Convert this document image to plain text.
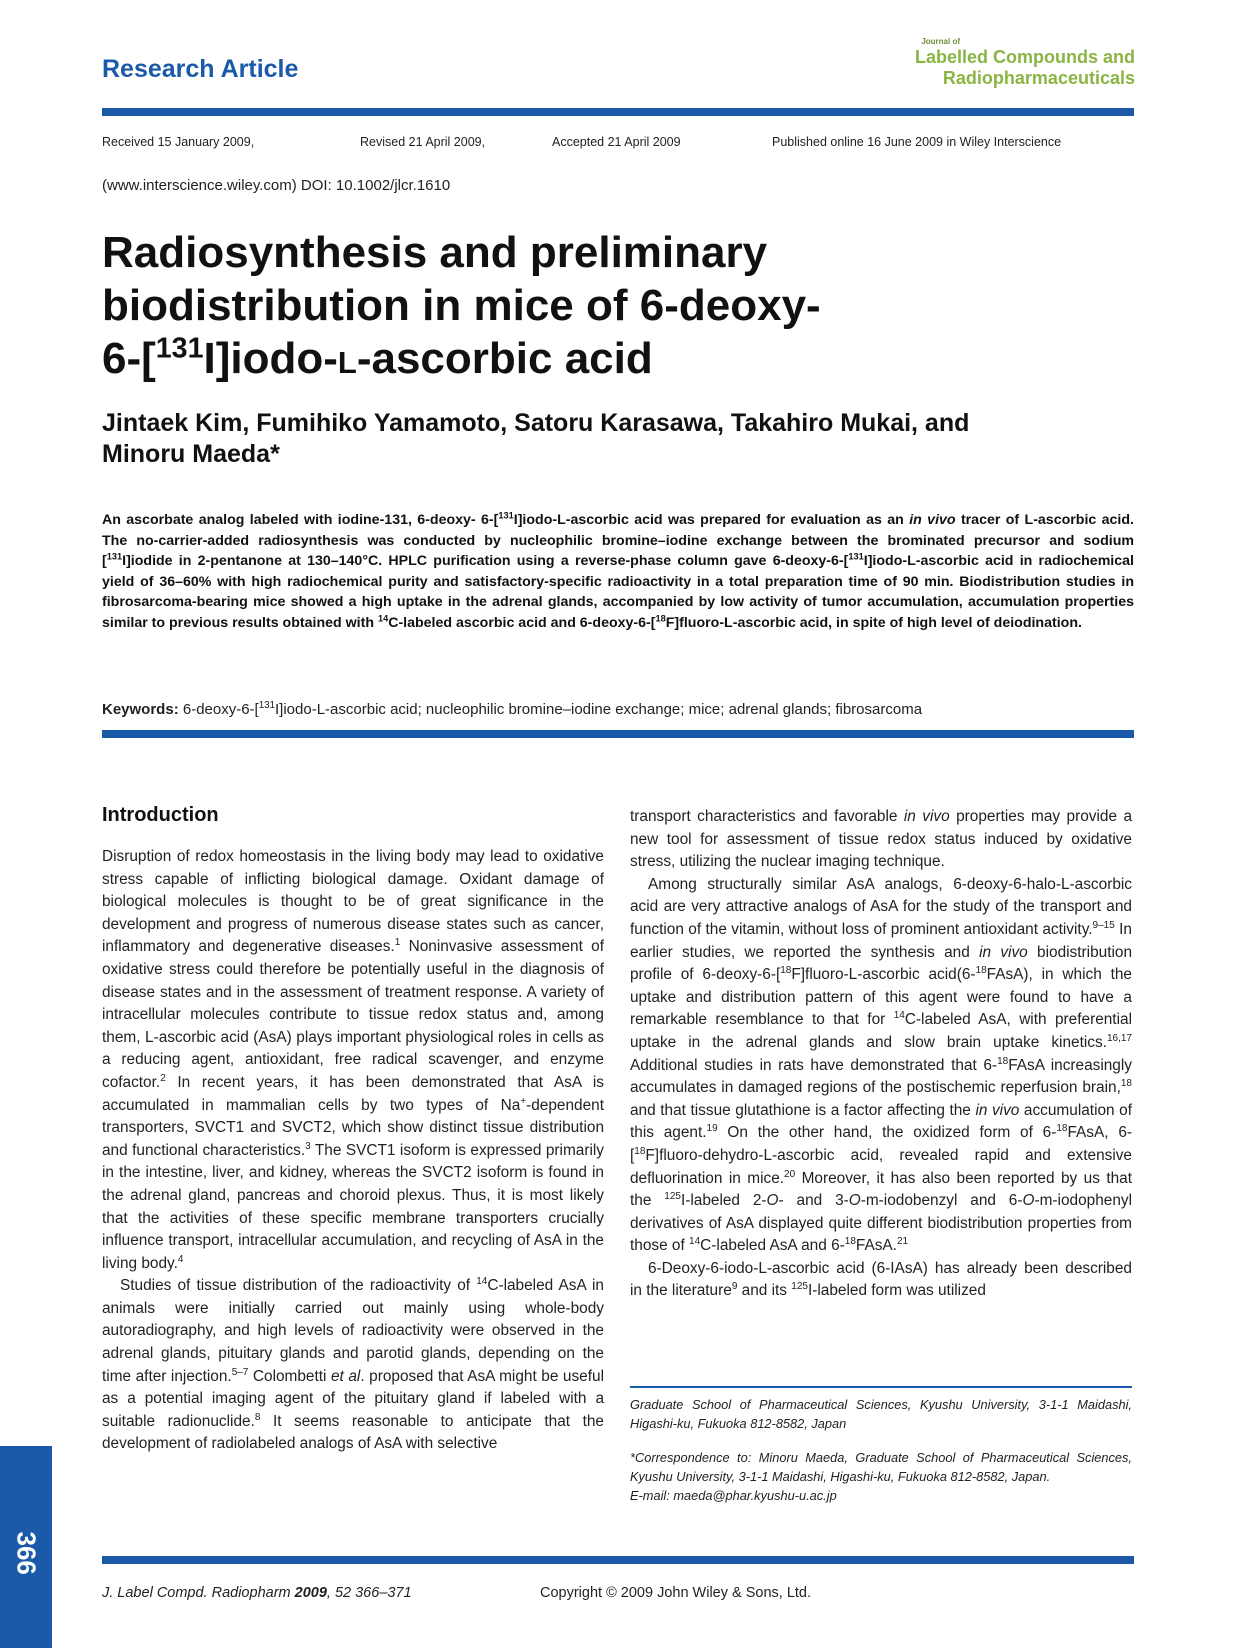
Research Article
Journal of
Labelled Compounds and
Radiopharmaceuticals
Received 15 January 2009,	Revised 21 April 2009,	Accepted 21 April 2009	Published online 16 June 2009 in Wiley Interscience
(www.interscience.wiley.com) DOI: 10.1002/jlcr.1610
Radiosynthesis and preliminary
biodistribution in mice of 6-deoxy-
6-[$^{131}$I]iodo-l-ascorbic acid
Jintaek Kim, Fumihiko Yamamoto, Satoru Karasawa, Takahiro Mukai, and
Minoru Maeda*
An ascorbate analog labeled with iodine-131, 6-deoxy- 6-[$^{131}$I]iodo-L-ascorbic acid was prepared for evaluation as an in vivo tracer of L-ascorbic acid. The no-carrier-added radiosynthesis was conducted by nucleophilic bromine–iodine exchange between the brominated precursor and sodium [$^{131}$I]iodide in 2-pentanone at 130–140°C. HPLC purification using a reverse-phase column gave 6-deoxy-6-[$^{131}$I]iodo-L-ascorbic acid in radiochemical yield of 36–60% with high radiochemical purity and satisfactory-specific radioactivity in a total preparation time of 90 min. Biodistribution studies in fibrosarcoma-bearing mice showed a high uptake in the adrenal glands, accompanied by low activity of tumor accumulation, accumulation properties similar to previous results obtained with $^{14}$C-labeled ascorbic acid and 6-deoxy-6-[$^{18}$F]fluoro-L-ascorbic acid, in spite of high level of deiodination.
Keywords: 6-deoxy-6-[$^{131}$I]iodo-L-ascorbic acid; nucleophilic bromine–iodine exchange; mice; adrenal glands; fibrosarcoma
Introduction

Disruption of redox homeostasis in the living body may lead to oxidative stress capable of inflicting biological damage. Oxidant damage of biological molecules is thought to be of great significance in the development and progress of numerous disease states such as cancer, inflammatory and degenerative diseases.$^1$ Noninvasive assessment of oxidative stress could therefore be potentially useful in the diagnosis of disease states and in the assessment of treatment response. A variety of intracellular molecules contribute to tissue redox status and, among them, L-ascorbic acid (AsA) plays important physiological roles in cells as a reducing agent, antioxidant, free radical scavenger, and enzyme cofactor.$^2$ In recent years, it has been demonstrated that AsA is accumulated in mammalian cells by two types of Na+-dependent transporters, SVCT1 and SVCT2, which show distinct tissue distribution and functional characteristics.$^3$ The SVCT1 isoform is expressed primarily in the intestine, liver, and kidney, whereas the SVCT2 isoform is found in the adrenal gland, pancreas and choroid plexus. Thus, it is most likely that the activities of these specific membrane transporters crucially influence transport, intracellular accumulation, and recycling of AsA in the living body.$^4$

Studies of tissue distribution of the radioactivity of $^{14}$C-labeled AsA in animals were initially carried out mainly using whole-body autoradiography, and high levels of radioactivity were observed in the adrenal glands, pituitary glands and parotid glands, depending on the time after injection.$^{5-7}$ Colombetti et al. proposed that AsA might be useful as a potential imaging agent of the pituitary gland if labeled with a suitable radionuclide.$^8$ It seems reasonable to anticipate that the development of radiolabeled analogs of AsA with selective

transport characteristics and favorable in vivo properties may provide a new tool for assessment of tissue redox status induced by oxidative stress, utilizing the nuclear imaging technique.

Among structurally similar AsA analogs, 6-deoxy-6-halo-L-ascorbic acid are very attractive analogs of AsA for the study of the transport and function of the vitamin, without loss of prominent antioxidant activity.$^{9-15}$ In earlier studies, we reported the synthesis and in vivo biodistribution profile of 6-deoxy-6-[$^{18}$F]fluoro-L-ascorbic acid(6-$^{18}$FAsA), in which the uptake and distribution pattern of this agent were found to have a remarkable resemblance to that for $^{14}$C-labeled AsA, with preferential uptake in the adrenal glands and slow brain uptake kinetics.$^{16,17}$ Additional studies in rats have demonstrated that 6-$^{18}$FAsA increasingly accumulates in damaged regions of the postischemic reperfusion brain,$^{18}$ and that tissue glutathione is a factor affecting the in vivo accumulation of this agent.$^{19}$ On the other hand, the oxidized form of 6-$^{18}$FAsA, 6-[$^{18}$F]fluoro-dehydro-L-ascorbic acid, revealed rapid and extensive defluorination in mice.$^{20}$ Moreover, it has also been reported by us that the $^{125}$I-labeled 2-O- and 3-O-m-iodobenzyl and 6-O-m-iodophenyl derivatives of AsA displayed quite different biodistribution properties from those of $^{14}$C-labeled AsA and 6-$^{18}$FAsA.$^{21}$

6-Deoxy-6-iodo-L-ascorbic acid (6-IAsA) has already been described in the literature$^9$ and its $^{125}$I-labeled form was utilized

Graduate School of Pharmaceutical Sciences, Kyushu University, 3-1-1 Maidashi, Higashi-ku, Fukuoka 812-8582, Japan
*Correspondence to: Minoru Maeda, Graduate School of Pharmaceutical Sciences, Kyushu University, 3-1-1 Maidashi, Higashi-ku, Fukuoka 812-8582, Japan.
E-mail: maeda@phar.kyushu-u.ac.jp
366
J. Label Compd. Radiopharm 2009, 52 366–371	Copyright © 2009 John Wiley & Sons, Ltd.
